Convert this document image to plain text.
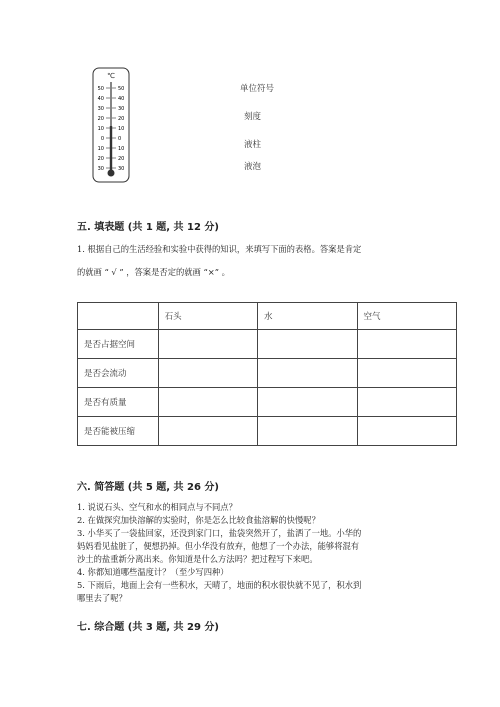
℃
50
40
30
20
10
0
10
20
30
50
40
30
20
10
0
10
20
30
单位符号
刻度
液柱
液泡
五. 填表题 (共 1 题, 共 12 分)
1. 根据自己的生活经验和实验中获得的知识，来填写下面的表格。答案是肯定
的就画 “ √ ” ，答案是否定的就画 “×” 。
	石头	水	空气
是否占据空间			
是否会流动			
是否有质量			
是否能被压缩			
六. 简答题 (共 5 题, 共 26 分)
1. 说说石头、空气和水的相同点与不同点？
2. 在做探究加快溶解的实验时，你是怎么比较食盐溶解的快慢呢？
3. 小华买了一袋盐回家，还没到家门口，盐袋突然开了，盐洒了一地。小华的
妈妈看见盐脏了，便想扔掉。但小华没有放弃，他想了一个办法，能够将混有
沙土的盐重新分离出来。你知道是什么方法吗？把过程写下来吧。
4. 你都知道哪些温度计？（至少写四种）
5. 下雨后，地面上会有一些积水，天晴了，地面的积水很快就不见了，积水到
哪里去了呢？
七. 综合题 (共 3 题, 共 29 分)
